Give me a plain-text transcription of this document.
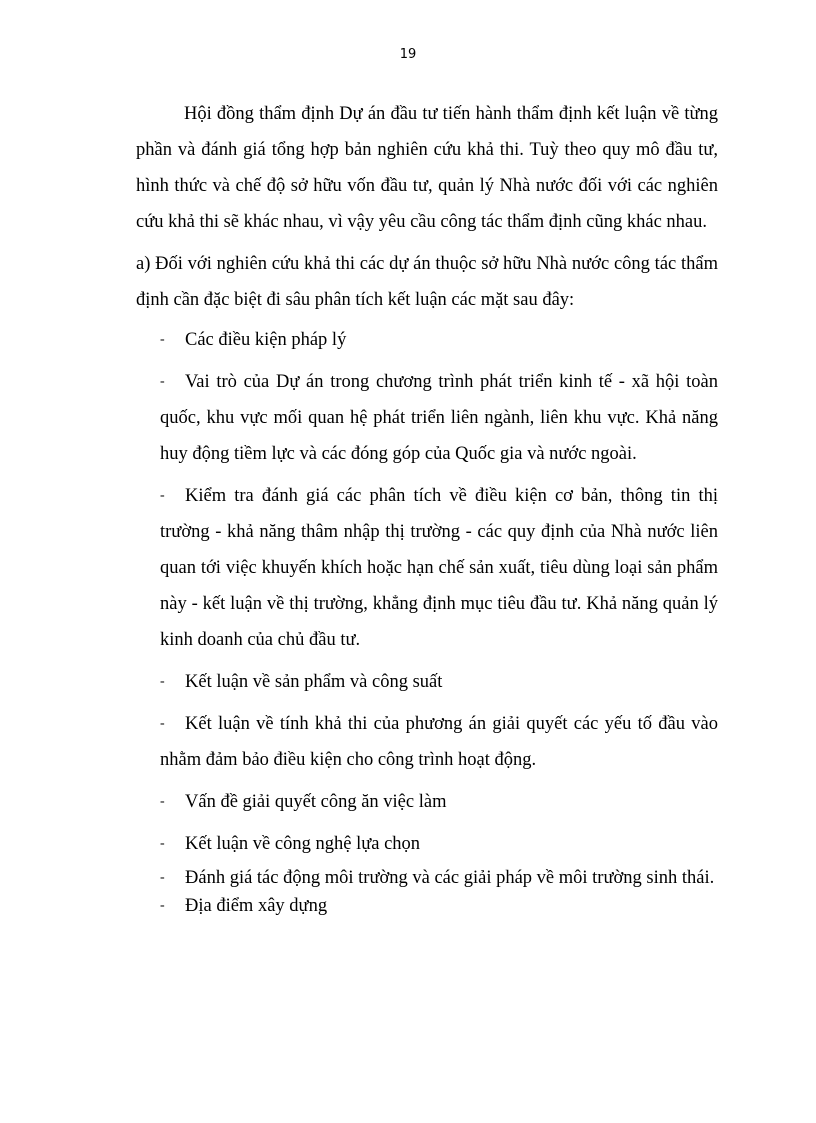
19

Hội đồng thẩm định Dự án đầu tư tiến hành thẩm định kết luận về từng phần và đánh giá tổng hợp bản nghiên cứu khả thi. Tuỳ theo quy mô đầu tư, hình thức và chế độ sở hữu vốn đầu tư, quản lý Nhà nước đối với các nghiên cứu khả thi sẽ khác nhau, vì vậy yêu cầu công tác thẩm định cũng khác nhau.

a) Đối với nghiên cứu khả thi các dự án thuộc sở hữu Nhà nước công tác thẩm định cần đặc biệt đi sâu phân tích kết luận các mặt sau đây:

- Các điều kiện pháp lý

- Vai trò của Dự án trong chương trình phát triển kinh tế - xã hội toàn quốc, khu vực mối quan hệ phát triển liên ngành, liên khu vực. Khả năng huy động tiềm lực và các đóng góp của Quốc gia và nước ngoài.

- Kiểm tra đánh giá các phân tích về điều kiện cơ bản, thông tin thị trường - khả năng thâm nhập thị trường - các quy định của Nhà nước liên quan tới việc khuyến khích hoặc hạn chế sản xuất, tiêu dùng loại sản phẩm này - kết luận về thị trường, khẳng định mục tiêu đầu tư. Khả năng quản lý kinh doanh của chủ đầu tư.

- Kết luận về sản phẩm và công suất

- Kết luận về tính khả thi của phương án giải quyết các yếu tố đầu vào nhằm đảm bảo điều kiện cho công trình hoạt động.

- Vấn đề giải quyết công ăn việc làm

- Kết luận về công nghệ lựa chọn

- Đánh giá tác động môi trường và các giải pháp về môi trường sinh thái.

- Địa điểm xây dựng
